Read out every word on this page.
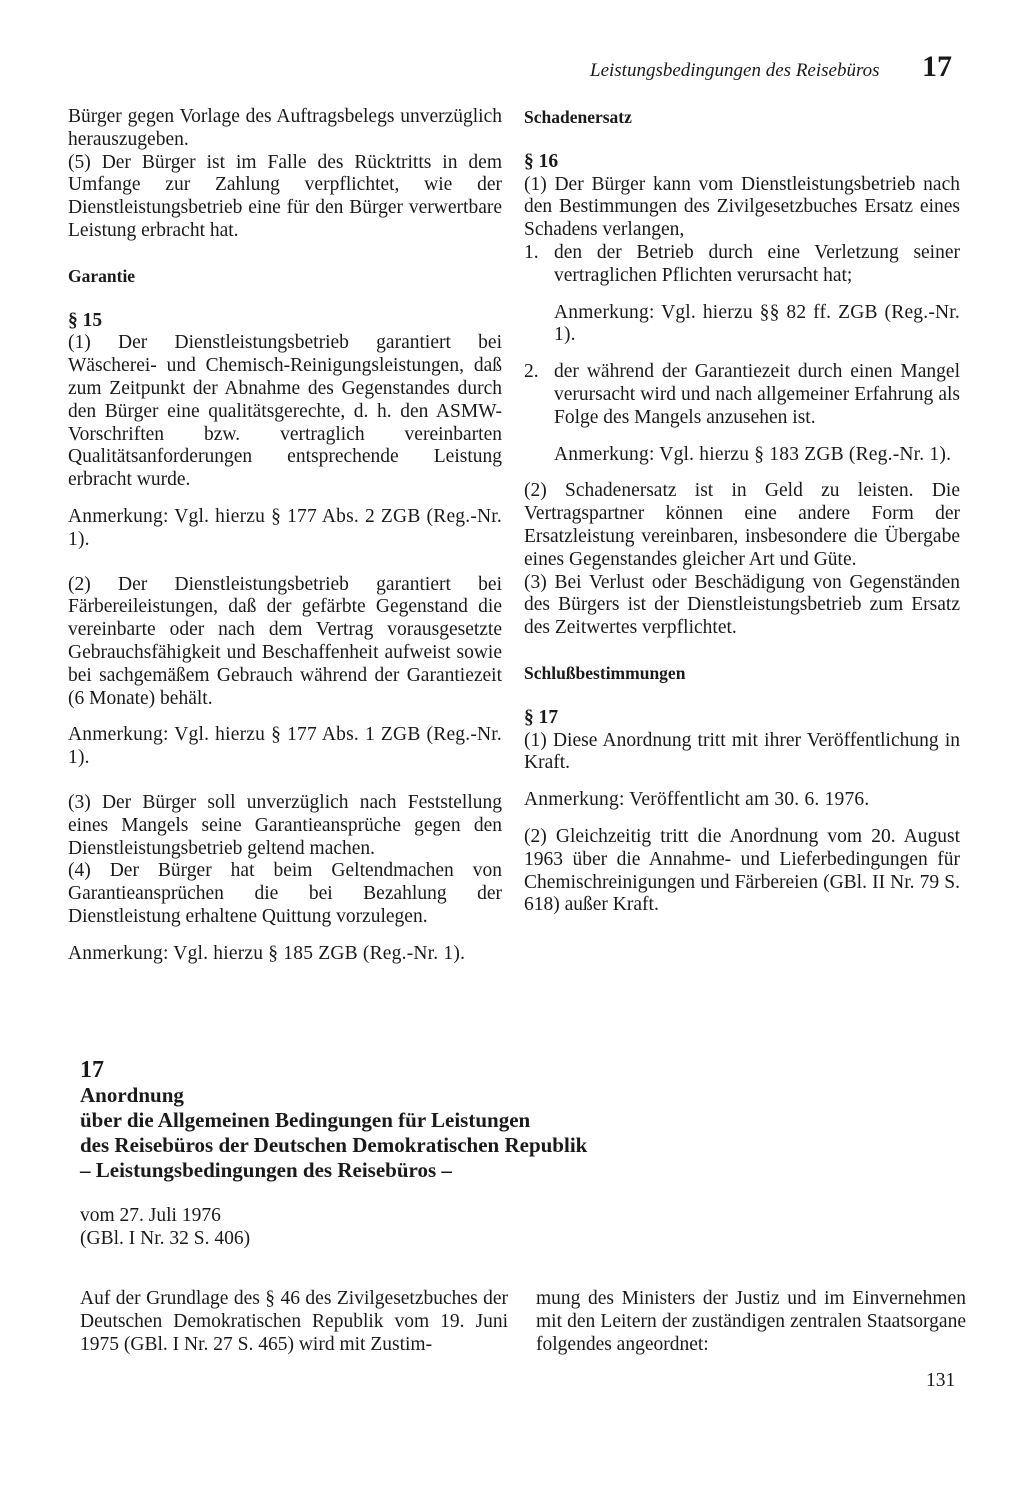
Leistungsbedingungen des Reisebüros 17

Bürger gegen Vorlage des Auftragsbelegs unverzüglich herauszugeben.

(5) Der Bürger ist im Falle des Rücktritts in dem Umfange zur Zahlung verpflichtet, wie der Dienstleistungsbetrieb eine für den Bürger verwertbare Leistung erbracht hat.

Garantie

§ 15

(1) Der Dienstleistungsbetrieb garantiert bei Wäscherei- und Chemisch-Reinigungsleistungen, daß zum Zeitpunkt der Abnahme des Gegenstandes durch den Bürger eine qualitätsgerechte, d. h. den ASMW-Vorschriften bzw. vertraglich vereinbarten Qualitätsanforderungen entsprechende Leistung erbracht wurde.

Anmerkung: Vgl. hierzu § 177 Abs. 2 ZGB (Reg.-Nr. 1).

(2) Der Dienstleistungsbetrieb garantiert bei Färbereileistungen, daß der gefärbte Gegenstand die vereinbarte oder nach dem Vertrag vorausgesetzte Gebrauchsfähigkeit und Beschaffenheit aufweist sowie bei sachgemäßem Gebrauch während der Garantiezeit (6 Monate) behält.

Anmerkung: Vgl. hierzu § 177 Abs. 1 ZGB (Reg.-Nr. 1).

(3) Der Bürger soll unverzüglich nach Feststellung eines Mangels seine Garantieansprüche gegen den Dienstleistungsbetrieb geltend machen.

(4) Der Bürger hat beim Geltendmachen von Garantieansprüchen die bei Bezahlung der Dienstleistung erhaltene Quittung vorzulegen.

Anmerkung: Vgl. hierzu § 185 ZGB (Reg.-Nr. 1).

Schadenersatz

§ 16

(1) Der Bürger kann vom Dienstleistungsbetrieb nach den Bestimmungen des Zivilgesetzbuches Ersatz eines Schadens verlangen,

1. den der Betrieb durch eine Verletzung seiner vertraglichen Pflichten verursacht hat;

Anmerkung: Vgl. hierzu §§ 82 ff. ZGB (Reg.-Nr. 1).

2. der während der Garantiezeit durch einen Mangel verursacht wird und nach allgemeiner Erfahrung als Folge des Mangels anzusehen ist.

Anmerkung: Vgl. hierzu § 183 ZGB (Reg.-Nr. 1).

(2) Schadenersatz ist in Geld zu leisten. Die Vertragspartner können eine andere Form der Ersatzleistung vereinbaren, insbesondere die Übergabe eines Gegenstandes gleicher Art und Güte.

(3) Bei Verlust oder Beschädigung von Gegenständen des Bürgers ist der Dienstleistungsbetrieb zum Ersatz des Zeitwertes verpflichtet.

Schlußbestimmungen

§ 17

(1) Diese Anordnung tritt mit ihrer Veröffentlichung in Kraft.

Anmerkung: Veröffentlicht am 30. 6. 1976.

(2) Gleichzeitig tritt die Anordnung vom 20. August 1963 über die Annahme- und Lieferbedingungen für Chemischreinigungen und Färbereien (GBl. II Nr. 79 S. 618) außer Kraft.

17
Anordnung
über die Allgemeinen Bedingungen für Leistungen
des Reisebüros der Deutschen Demokratischen Republik
– Leistungsbedingungen des Reisebüros –
vom 27. Juli 1976
(GBl. I Nr. 32 S. 406)

Auf der Grundlage des § 46 des Zivilgesetzbuches der Deutschen Demokratischen Republik vom 19. Juni 1975 (GBl. I Nr. 27 S. 465) wird mit Zustim-

mung des Ministers der Justiz und im Einvernehmen mit den Leitern der zuständigen zentralen Staatsorgane folgendes angeordnet:

131
